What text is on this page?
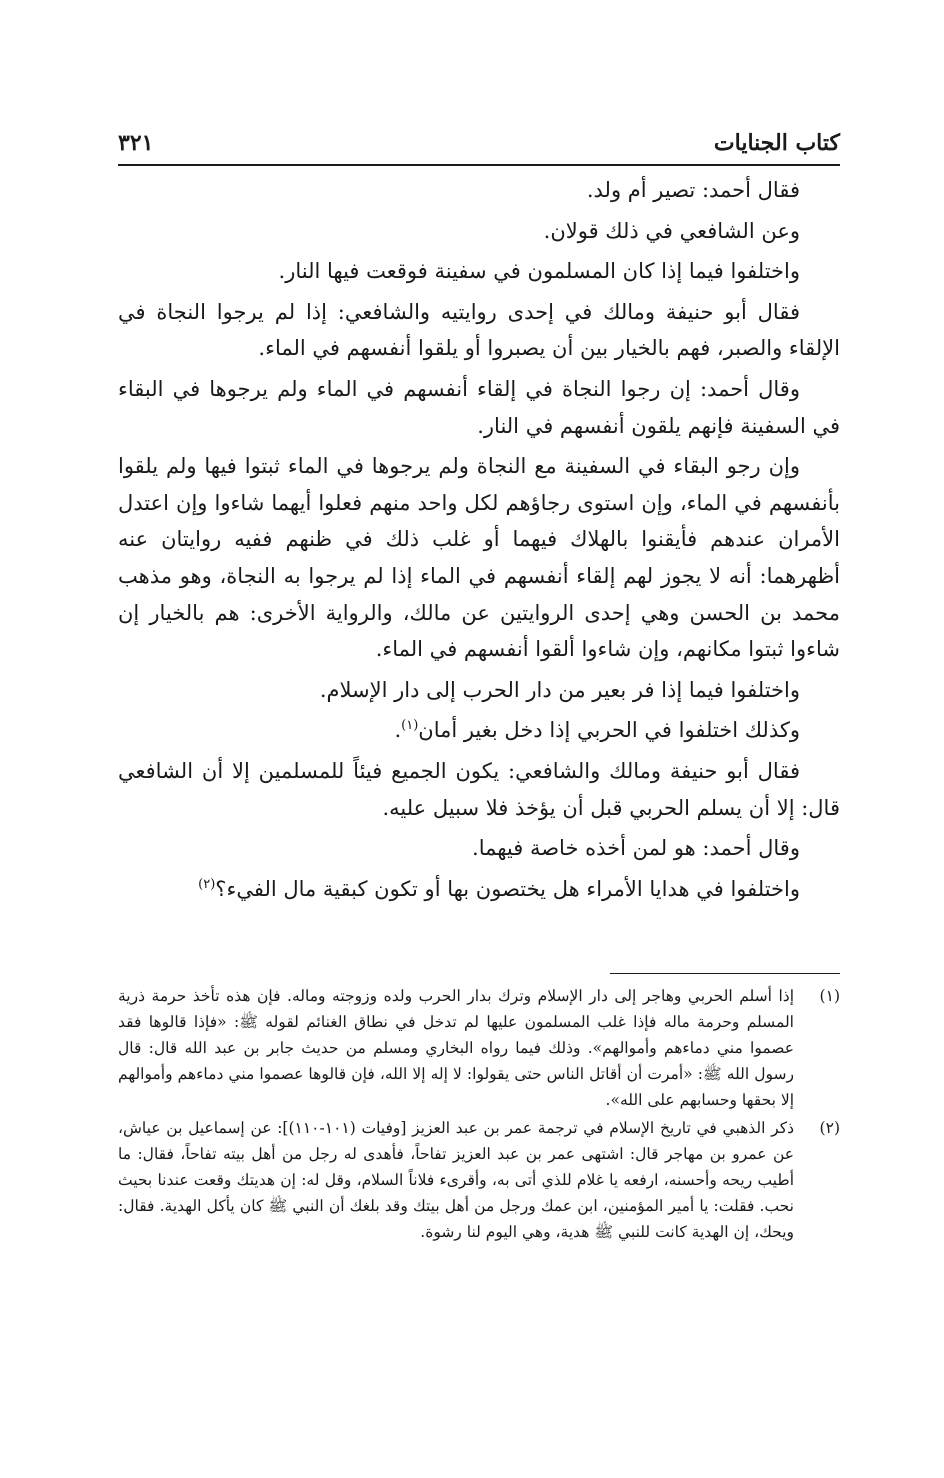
كتاب الجنايات
٣٢١

فقال أحمد: تصير أم ولد.

وعن الشافعي في ذلك قولان.

واختلفوا فيما إذا كان المسلمون في سفينة فوقعت فيها النار.

فقال أبو حنيفة ومالك في إحدى روايتيه والشافعي: إذا لم يرجوا النجاة في الإلقاء والصبر، فهم بالخيار بين أن يصبروا أو يلقوا أنفسهم في الماء.

وقال أحمد: إن رجوا النجاة في إلقاء أنفسهم في الماء ولم يرجوها في البقاء في السفينة فإنهم يلقون أنفسهم في النار.

وإن رجو البقاء في السفينة مع النجاة ولم يرجوها في الماء ثبتوا فيها ولم يلقوا بأنفسهم في الماء، وإن استوى رجاؤهم لكل واحد منهم فعلوا أيهما شاءوا وإن اعتدل الأمران عندهم فأيقنوا بالهلاك فيهما أو غلب ذلك في ظنهم ففيه روايتان عنه أظهرهما: أنه لا يجوز لهم إلقاء أنفسهم في الماء إذا لم يرجوا به النجاة، وهو مذهب محمد بن الحسن وهي إحدى الروايتين عن مالك، والرواية الأخرى: هم بالخيار إن شاءوا ثبتوا مكانهم، وإن شاءوا ألقوا أنفسهم في الماء.

واختلفوا فيما إذا فر بعير من دار الحرب إلى دار الإسلام.

وكذلك اختلفوا في الحربي إذا دخل بغير أمان$^{(١)}$.

فقال أبو حنيفة ومالك والشافعي: يكون الجميع فيئاً للمسلمين إلا أن الشافعي قال: إلا أن يسلم الحربي قبل أن يؤخذ فلا سبيل عليه.

وقال أحمد: هو لمن أخذه خاصة فيهما.

واختلفوا في هدايا الأمراء هل يختصون بها أو تكون كبقية مال الفيء؟$^{(٢)}$

(١)
إذا أسلم الحربي وهاجر إلى دار الإسلام وترك بدار الحرب ولده وزوجته وماله. فإن هذه تأخذ حرمة ذرية المسلم وحرمة ماله فإذا غلب المسلمون عليها لم تدخل في نطاق الغنائم لقوله ﷺ: «فإذا قالوها فقد عصموا مني دماءهم وأموالهم». وذلك فيما رواه البخاري ومسلم من حديث جابر بن عبد الله قال: قال رسول الله ﷺ: «أمرت أن أقاتل الناس حتى يقولوا: لا إله إلا الله، فإن قالوها عصموا مني دماءهم وأموالهم إلا بحقها وحسابهم على الله».
(٢)
ذكر الذهبي في تاريخ الإسلام في ترجمة عمر بن عبد العزيز [وفيات (١٠١-١١٠)]: عن إسماعيل بن عياش، عن عمرو بن مهاجر قال: اشتهى عمر بن عبد العزيز تفاحاً، فأهدى له رجل من أهل بيته تفاحاً، فقال: ما أطيب ريحه وأحسنه، ارفعه يا غلام للذي أتى به، وأقرىء فلاناً السلام، وقل له: إن هديتك وقعت عندنا بحيث نحب. فقلت: يا أمير المؤمنين، ابن عمك ورجل من أهل بيتك وقد بلغك أن النبي ﷺ كان يأكل الهدية. فقال: ويحك، إن الهدية كانت للنبي ﷺ هدية، وهي اليوم لنا رشوة.
